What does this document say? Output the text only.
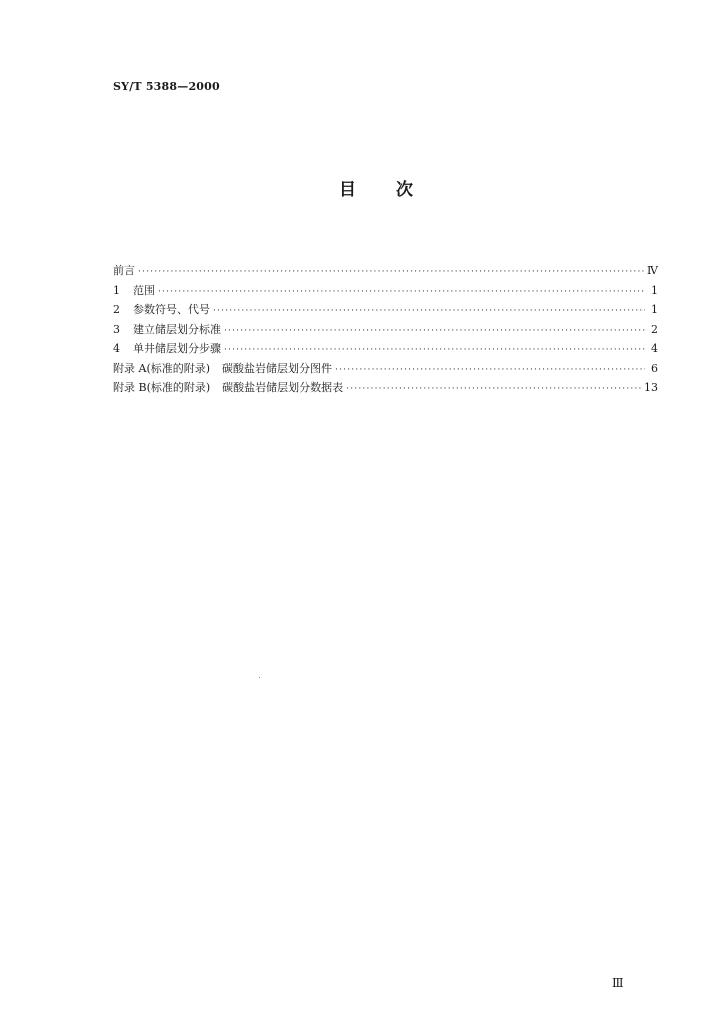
SY/T 5388—2000
目 次
前言 ·····	Ⅳ
1	范围 ·····	1
2	参数符号、代号 ·····	1
3	建立储层划分标准 ·····	2
4	单井储层划分步骤 ·····	4
附录 A(标准的附录) 碳酸盐岩储层划分图件 ·····	6
附录 B(标准的附录) 碳酸盐岩储层划分数据表 ·····	13
Ⅲ
